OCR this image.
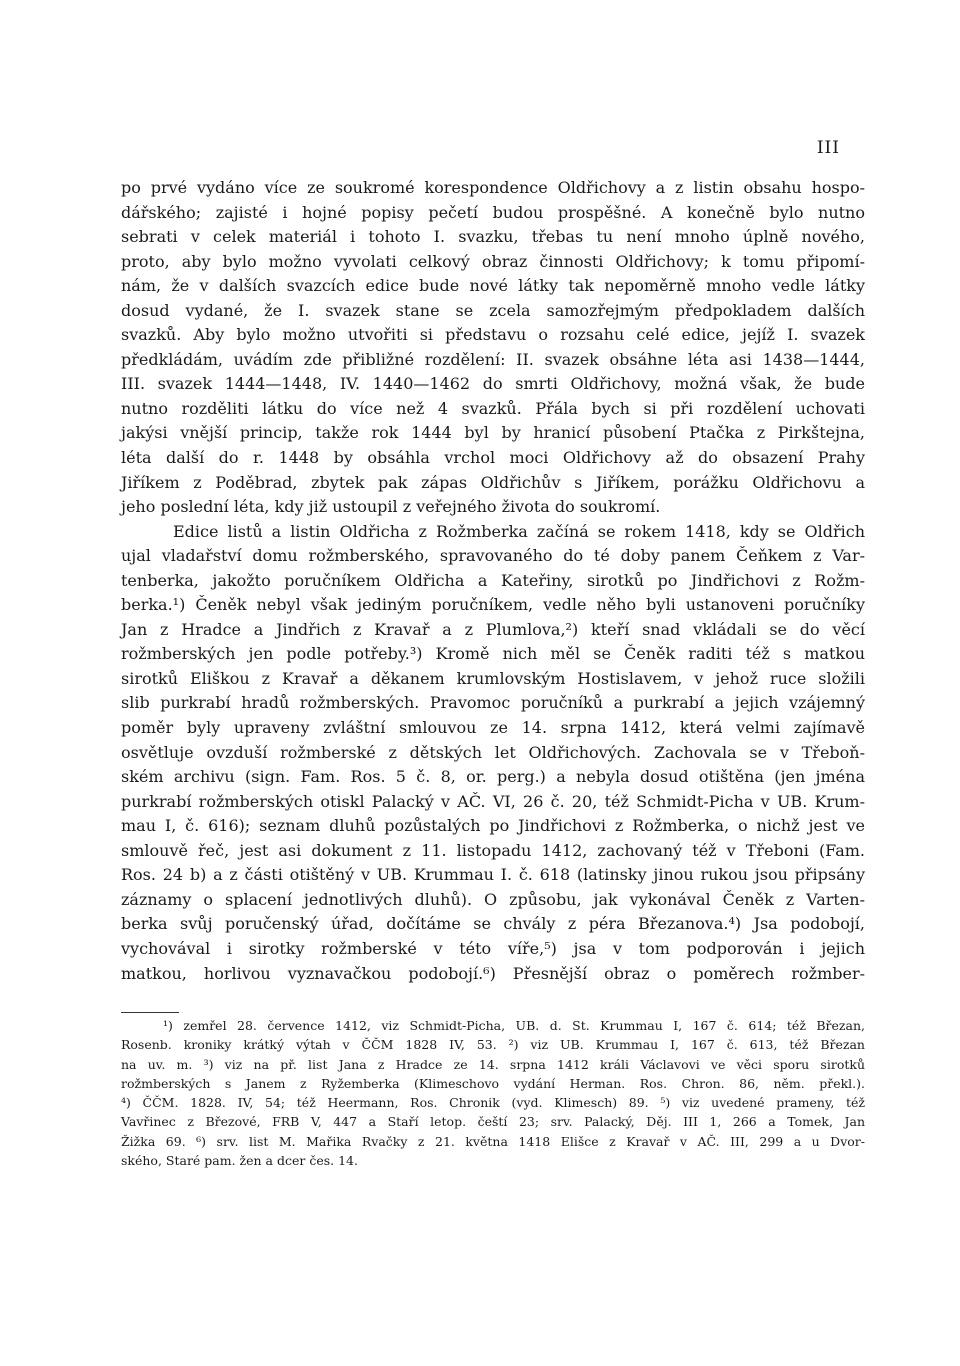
III
po prvé vydáno více ze soukromé korespondence Oldřichovy a z listin obsahu hospo-
dářského; zajisté i hojné popisy pečetí budou prospěšné. A konečně bylo nutno
sebrati v celek materiál i tohoto I. svazku, třebas tu není mnoho úplně nového,
proto, aby bylo možno vyvolati celkový obraz činnosti Oldřichovy; k tomu připomí-
nám, že v dalších svazcích edice bude nové látky tak nepoměrně mnoho vedle látky
dosud vydané, že I. svazek stane se zcela samozřejmým předpokladem dalších
svazků. Aby bylo možno utvořiti si představu o rozsahu celé edice, jejíž I. svazek
předkládám, uvádím zde přibližné rozdělení: II. svazek obsáhne léta asi 1438—1444,
III. svazek 1444—1448, IV. 1440—1462 do smrti Oldřichovy, možná však, že bude
nutno rozděliti látku do více než 4 svazků. Přála bych si při rozdělení uchovati
jakýsi vnější princip, takže rok 1444 byl by hranicí působení Ptačka z Pirkštejna,
léta další do r. 1448 by obsáhla vrchol moci Oldřichovy až do obsazení Prahy
Jiříkem z Poděbrad, zbytek pak zápas Oldřichův s Jiříkem, porážku Oldřichovu a
jeho poslední léta, kdy již ustoupil z veřejného života do soukromí.
Edice listů a listin Oldřicha z Rožmberka začíná se rokem 1418, kdy se Oldřich
ujal vladařství domu rožmberského, spravovaného do té doby panem Čeňkem z Var-
tenberka, jakožto poručníkem Oldřicha a Kateřiny, sirotků po Jindřichovi z Rožm-
berka.¹) Čeněk nebyl však jediným poručníkem, vedle něho byli ustanoveni poručníky
Jan z Hradce a Jindřich z Kravař a z Plumlova,²) kteří snad vkládali se do věcí
rožmberských jen podle potřeby.³) Kromě nich měl se Čeněk raditi též s matkou
sirotků Eliškou z Kravař a děkanem krumlovským Hostislavem, v jehož ruce složili
slib purkrabí hradů rožmberských. Pravomoc poručníků a purkrabí a jejich vzájemný
poměr byly upraveny zvláštní smlouvou ze 14. srpna 1412, která velmi zajímavě
osvětluje ovzduší rožmberské z dětských let Oldřichových. Zachovala se v Třeboň-
ském archivu (sign. Fam. Ros. 5 č. 8, or. perg.) a nebyla dosud otištěna (jen jména
purkrabí rožmberských otiskl Palacký v AČ. VI, 26 č. 20, též Schmidt-Picha v UB. Krum-
mau I, č. 616); seznam dluhů pozůstalých po Jindřichovi z Rožmberka, o nichž jest ve
smlouvě řeč, jest asi dokument z 11. listopadu 1412, zachovaný též v Třeboni (Fam.
Ros. 24 b) a z části otištěný v UB. Krummau I. č. 618 (latinsky jinou rukou jsou připsány
záznamy o splacení jednotlivých dluhů). O způsobu, jak vykonával Čeněk z Varten-
berka svůj poručenský úřad, dočítáme se chvály z péra Březanova.⁴) Jsa podobojí,
vychovával i sirotky rožmberské v této víře,⁵) jsa v tom podporován i jejich
matkou, horlivou vyznavačkou podobojí.⁶) Přesnější obraz o poměrech rožmber-
¹) zemřel 28. července 1412, viz Schmidt-Picha, UB. d. St. Krummau I, 167 č. 614; též Březan,
Rosenb. kroniky krátký výtah v ČČM 1828 IV, 53. ²) viz UB. Krummau I, 167 č. 613, též Březan
na uv. m. ³) viz na př. list Jana z Hradce ze 14. srpna 1412 králi Václavovi ve věci sporu sirotků
rožmberských s Janem z Ryžemberka (Klimeschovo vydání Herman. Ros. Chron. 86, něm. překl.).
⁴) ČČM. 1828. IV, 54; též Heermann, Ros. Chronik (vyd. Klimesch) 89. ⁵) viz uvedené prameny, též
Vavřinec z Březové, FRB V, 447 a Staří letop. čeští 23; srv. Palacký, Děj. III 1, 266 a Tomek, Jan
Žižka 69. ⁶) srv. list M. Mařika Rvačky z 21. května 1418 Elišce z Kravař v AČ. III, 299 a u Dvor-
ského, Staré pam. žen a dcer čes. 14.
